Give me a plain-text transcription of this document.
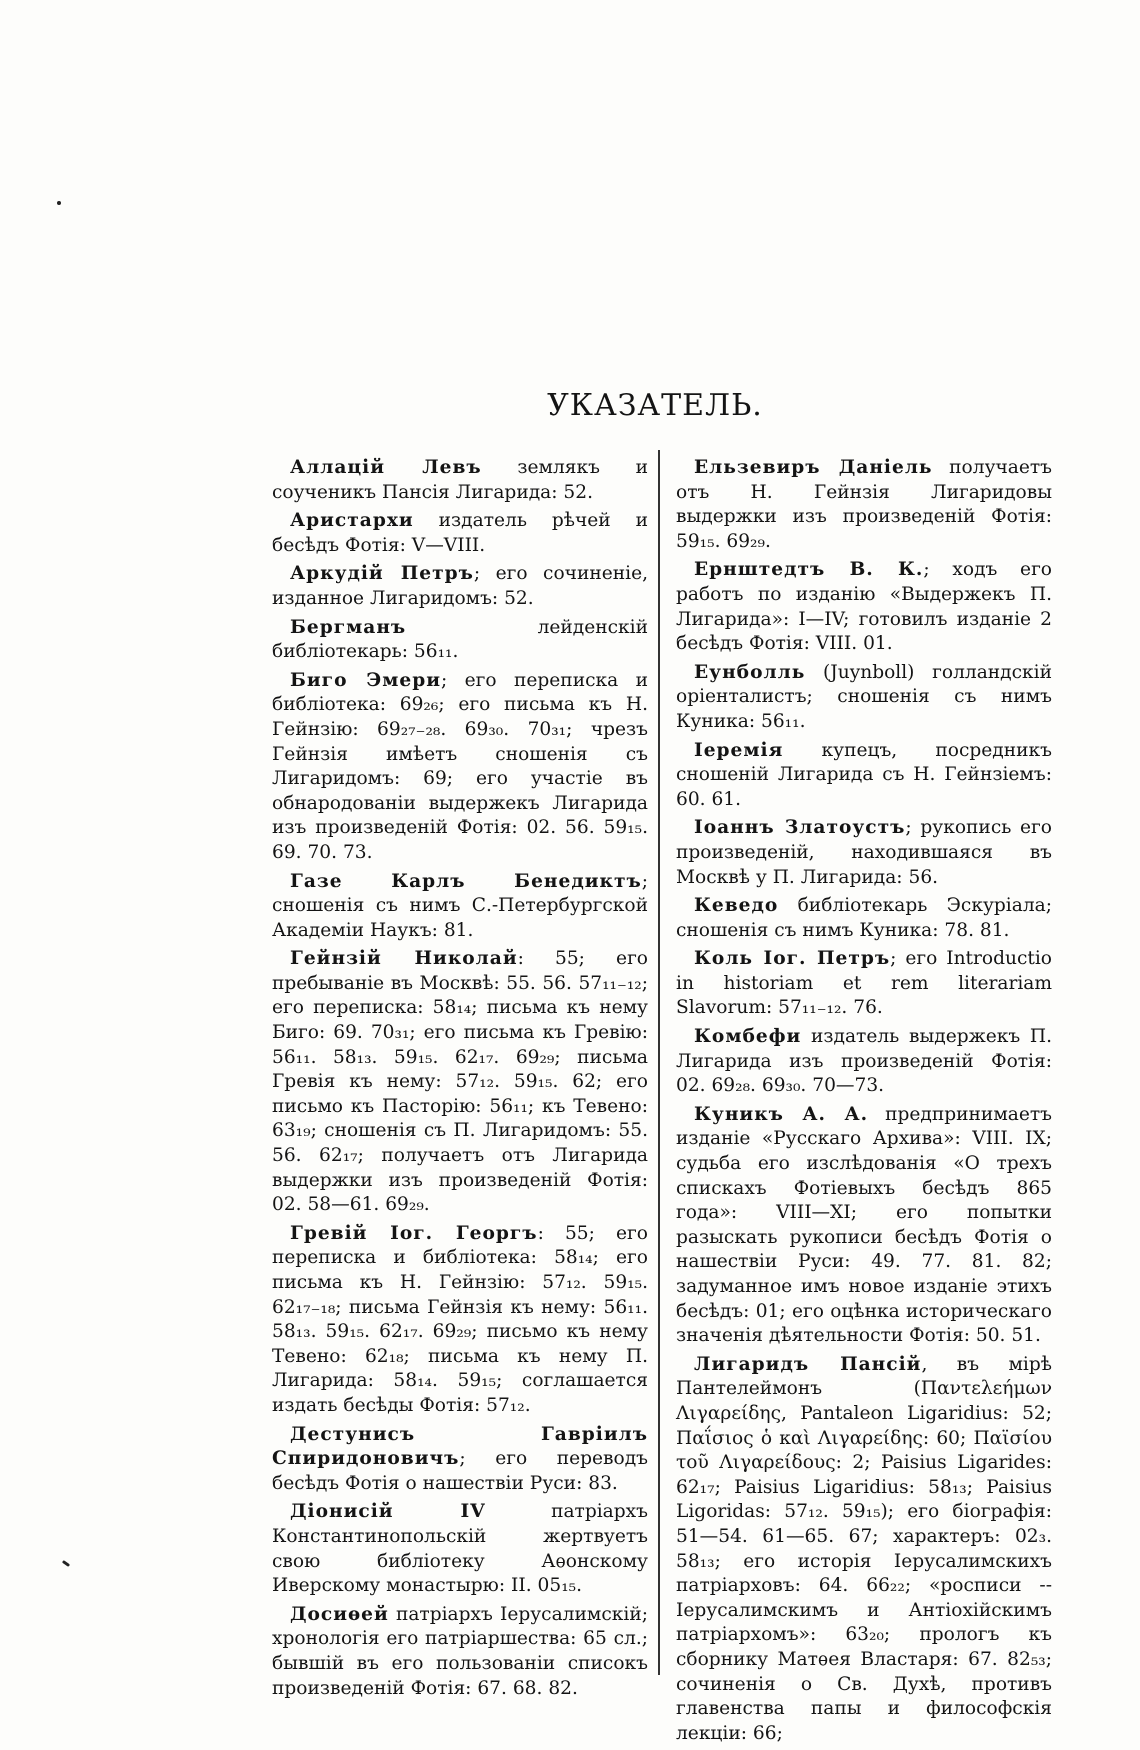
УКАЗАТЕЛЬ.

Аллацій Левъ землякъ и соученикъ Пансія Лигарида: 52.

Аристархи издатель рѣчей и бесѣдъ Фотія: V—VIII.

Аркудій Петръ; его сочиненіе, изданное Лигаридомъ: 52.

Бергманъ лейденскій библіотекарь: 56₁₁.

Биго Эмери; его переписка и библіотека: 69₂₆; его письма къ Н. Гейнзію: 69₂₇₋₂₈. 69₃₀. 70₃₁; чрезъ Гейнзія имѣетъ сношенія съ Лигаридомъ: 69; его участіе въ обнародованіи выдержекъ Лигарида изъ произведеній Фотія: 02. 56. 59₁₅. 69. 70. 73.

Газе Карлъ Бенедиктъ; сношенія съ нимъ С.-Петербургской Академіи Наукъ: 81.

Гейнзій Николай: 55; его пребываніе въ Москвѣ: 55. 56. 57₁₁₋₁₂; его переписка: 58₁₄; письма къ нему Биго: 69. 70₃₁; его письма къ Гревію: 56₁₁. 58₁₃. 59₁₅. 62₁₇. 69₂₉; письма Гревія къ нему: 57₁₂. 59₁₅. 62; его письмо къ Пасторію: 56₁₁; къ Тевено: 63₁₉; сношенія съ П. Лигаридомъ: 55. 56. 62₁₇; получаетъ отъ Лигарида выдержки изъ произведеній Фотія: 02. 58—61. 69₂₉.

Гревій Іог. Георгъ: 55; его переписка и библіотека: 58₁₄; его письма къ Н. Гейнзію: 57₁₂. 59₁₅. 62₁₇₋₁₈; письма Гейнзія къ нему: 56₁₁. 58₁₃. 59₁₅. 62₁₇. 69₂₉; письмо къ нему Тевено: 62₁₈; письма къ нему П. Лигарида: 58₁₄. 59₁₅; соглашается издать бесѣды Фотія: 57₁₂.

Дестунисъ Гавріилъ Спиридоновичъ; его переводъ бесѣдъ Фотія о нашествіи Руси: 83.

Діонисій IV патріархъ Константинопольскій жертвуетъ свою библіотеку Аѳонскому Иверскому монастырю: II. 05₁₅.

Досиѳей патріархъ Іерусалимскій; хронологія его патріаршества: 65 сл.; бывшій въ его пользованіи списокъ произведеній Фотія: 67. 68. 82.

Ельзевиръ Даніель получаетъ отъ Н. Гейнзія Лигаридовы выдержки изъ произведеній Фотія: 59₁₅. 69₂₉.

Ернштедтъ В. К.; ходъ его работъ по изданію «Выдержекъ П. Лигарида»: I—IV; готовилъ изданіе 2 бесѣдъ Фотія: VIII. 01.

Еунболль (Juynboll) голландскій оріенталистъ; сношенія съ нимъ Куника: 56₁₁.

Іеремія купецъ, посредникъ сношеній Лигарида съ Н. Гейнзіемъ: 60. 61.

Іоаннъ Златоустъ; рукопись его произведеній, находившаяся въ Москвѣ у П. Лигарида: 56.

Кеведо библіотекарь Эскуріала; сношенія съ нимъ Куника: 78. 81.

Коль Іог. Петръ; его Introductio in historiam et rem literariam Slavorum: 57₁₁₋₁₂. 76.

Комбефи издатель выдержекъ П. Лигарида изъ произведеній Фотія: 02. 69₂₈. 69₃₀. 70—73.

Куникъ А. А. предпринимаетъ изданіе «Русскаго Архива»: VIII. IX; судьба его изслѣдованія «О трехъ спискахъ Фотіевыхъ бесѣдъ 865 года»: VIII—XI; его попытки разыскать рукописи бесѣдъ Фотія о нашествіи Руси: 49. 77. 81. 82; задуманное имъ новое изданіе этихъ бесѣдъ: 01; его оцѣнка историческаго значенія дѣятельности Фотія: 50. 51.

Лигаридъ Пансій, въ мірѣ Пантелеймонъ (Παντελεήμων Λιγαρείδης, Pantaleon Ligaridius: 52; Παΐσιος ὁ καὶ Λιγαρείδης: 60; Παϊσίου τοῦ Λιγαρείδους: 2; Paisius Ligarides: 62₁₇; Paisius Ligaridius: 58₁₃; Paisius Ligoridas: 57₁₂. 59₁₅); его біографія: 51—54. 61—65. 67; характеръ: 02₃. 58₁₃; его исторія Іерусалимскихъ патріарховъ: 64. 66₂₂; «росписи -- Іерусалимскимъ и Антіохійскимъ патріархомъ»: 63₂₀; прологъ къ сборнику Матѳея Властаря: 67. 82₅₃; сочиненія о Св. Духѣ, противъ главенства папы и философскія лекціи: 66;
